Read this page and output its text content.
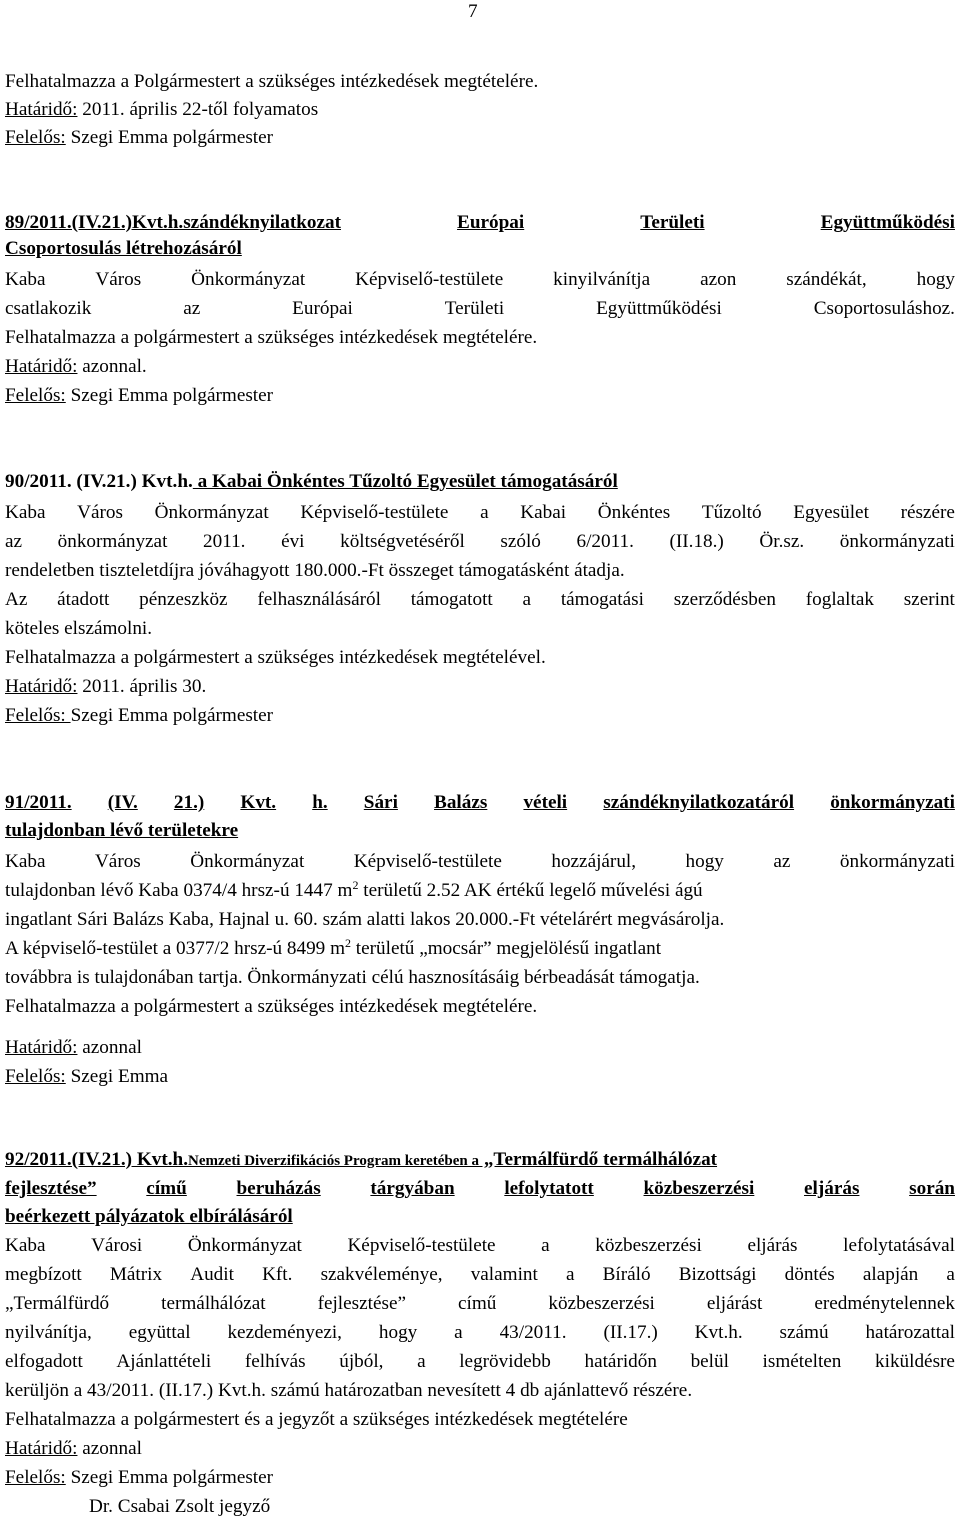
7
Felhatalmazza a Polgármestert a szükséges intézkedések megtételére.
Határidő: 2011. április 22-től folyamatos
Felelős: Szegi Emma polgármester
89/2011.(IV.21.)Kvt.h.szándéknyilatkozat	Európai	Területi	Együttműködési
Csoportosulás létrehozásáról
Kaba	Város	Önkormányzat	Képviselő-testülete	kinyilvánítja	azon	szándékát,	hogy
csatlakozik	az	Európai	Területi	Együttműködési	Csoportosuláshoz.
Felhatalmazza a polgármestert a szükséges intézkedések megtételére.
Határidő: azonnal.
Felelős: Szegi Emma polgármester
90/2011. (IV.21.) Kvt.h. a Kabai Önkéntes Tűzoltó Egyesület támogatásáról
Kaba Város Önkormányzat Képviselő-testülete a Kabai Önkéntes Tűzoltó Egyesület részére
az önkormányzat 2011. évi költségvetéséről szóló 6/2011. (II.18.) Ör.sz. önkormányzati
rendeletben tiszteletdíjra jóváhagyott 180.000.-Ft összeget támogatásként átadja.
Az átadott pénzeszköz felhasználásáról támogatott a támogatási szerződésben foglaltak szerint
köteles elszámolni.
Felhatalmazza a polgármestert a szükséges intézkedések megtételével.
Határidő: 2011. április 30.
Felelős: Szegi Emma polgármester
91/2011. (IV. 21.) Kvt. h. Sári Balázs vételi szándéknyilatkozatáról önkormányzati
tulajdonban lévő területekre
Kaba	Város	Önkormányzat	Képviselő-testülete	hozzájárul,	hogy	az	önkormányzati
tulajdonban lévő Kaba 0374/4 hrsz-ú 1447 $m^2$ területű 2.52 AK értékű legelő művelési ágú
ingatlant Sári Balázs Kaba, Hajnal u. 60. szám alatti lakos 20.000.-Ft vételárért megvásárolja.
A képviselő-testület a 0377/2 hrsz-ú 8499 $m^2$ területű „mocsár” megjelölésű ingatlant
továbbra is tulajdonában tartja. Önkormányzati célú hasznosításáig bérbeadását támogatja.
Felhatalmazza a polgármestert a szükséges intézkedések megtételére.
Határidő: azonnal
Felelős: Szegi Emma
92/2011.(IV.21.) Kvt.h.Nemzeti Diverzifikációs Program keretében a „Termálfürdő termálhálózat
fejlesztése”	című	beruházás	tárgyában	lefolytatott	közbeszerzési	eljárás	során
beérkezett pályázatok elbírálásáról
Kaba Városi Önkormányzat Képviselő-testülete a közbeszerzési eljárás lefolytatásával
megbízott Mátrix Audit Kft. szakvéleménye, valamint a Bíráló Bizottsági döntés alapján a
„Termálfürdő	termálhálózat	fejlesztése”	című	közbeszerzési	eljárást	eredménytelennek
nyilvánítja, együttal kezdeményezi, hogy a 43/2011. (II.17.) Kvt.h. számú határozattal
elfogadott Ajánlattételi felhívás újból, a legrövidebb határidőn belül ismételten kiküldésre
kerüljön a 43/2011. (II.17.) Kvt.h. számú határozatban nevesített 4 db ajánlattevő részére.
Felhatalmazza a polgármestert és a jegyzőt a szükséges intézkedések megtételére
Határidő: azonnal
Felelős: Szegi Emma polgármester
Dr. Csabai Zsolt jegyző
